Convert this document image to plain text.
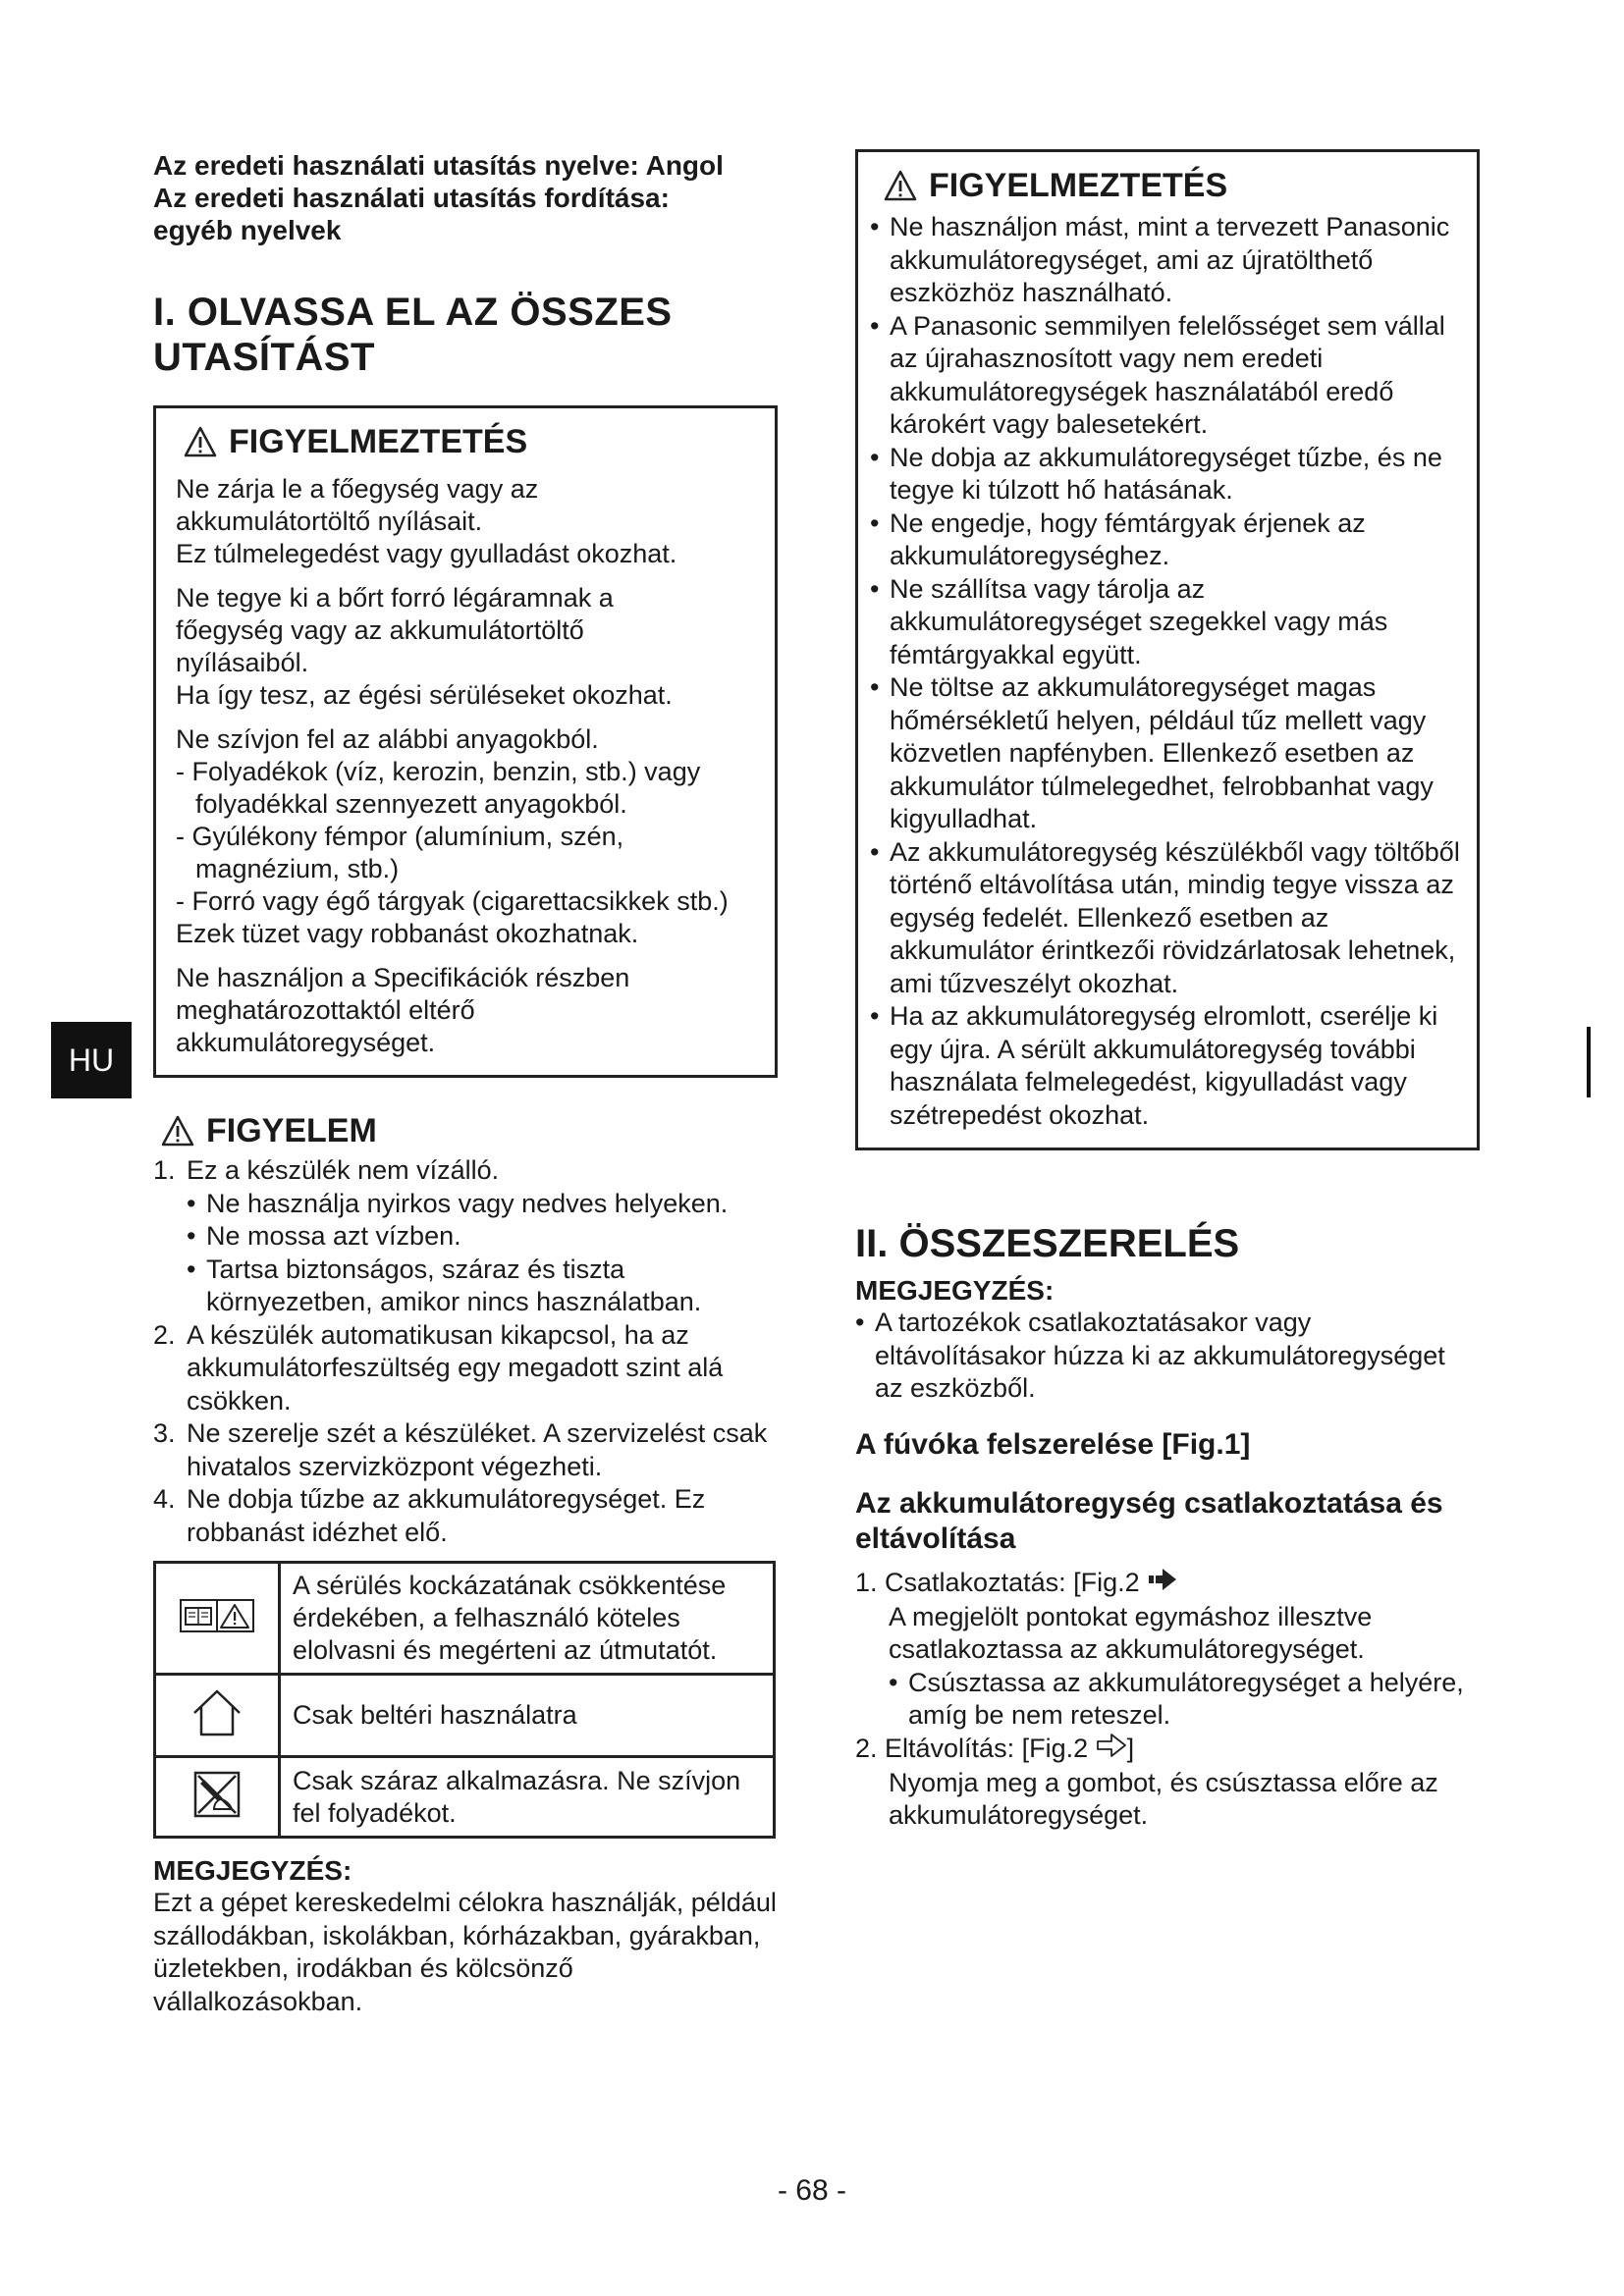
HU
Az eredeti használati utasítás nyelve: Angol
Az eredeti használati utasítás fordítása:
egyéb nyelvek
I. OLVASSA EL AZ ÖSSZES
UTASÍTÁST
FIGYELMEZTETÉS
Ne zárja le a főegység vagy az
akkumulátortöltő nyílásait.
Ez túlmelegedést vagy gyulladást okozhat.
Ne tegye ki a bőrt forró légáramnak a
főegység vagy az akkumulátortöltő
nyílásaiból.
Ha így tesz, az égési sérüléseket okozhat.
Ne szívjon fel az alábbi anyagokból.
- Folyadékok (víz, kerozin, benzin, stb.) vagy folyadékkal szennyezett anyagokból.
- Gyúlékony fémpor (alumínium, szén, magnézium, stb.)
- Forró vagy égő tárgyak (cigarettacsikkek stb.)
Ezek tüzet vagy robbanást okozhatnak.
Ne használjon a Specifikációk részben
meghatározottaktól eltérő
akkumulátoregységet.
FIGYELEM
1. Ez a készülék nem vízálló.
• Ne használja nyirkos vagy nedves helyeken.
• Ne mossa azt vízben.
• Tartsa biztonságos, száraz és tiszta környezetben, amikor nincs használatban.
2. A készülék automatikusan kikapcsol, ha az akkumulátorfeszültség egy megadott szint alá csökken.
3. Ne szerelje szét a készüléket. A szervizelést csak hivatalos szervizközpont végezheti.
4. Ne dobja tűzbe az akkumulátoregységet. Ez robbanást idézhet elő.
	A sérülés kockázatának csökkentése érdekében, a felhasználó köteles elolvasni és megérteni az útmutatót.
	Csak beltéri használatra
	Csak száraz alkalmazásra. Ne szívjon fel folyadékot.
MEGJEGYZÉS:
Ezt a gépet kereskedelmi célokra használják, például szállodákban, iskolákban, kórházakban, gyárakban, üzletekben, irodákban és kölcsönző vállalkozásokban.
FIGYELMEZTETÉS
• Ne használjon mást, mint a tervezett Panasonic akkumulátoregységet, ami az újratölthető eszközhöz használható.
• A Panasonic semmilyen felelősséget sem vállal az újrahasznosított vagy nem eredeti akkumulátoregységek használatából eredő károkért vagy balesetekért.
• Ne dobja az akkumulátoregységet tűzbe, és ne tegye ki túlzott hő hatásának.
• Ne engedje, hogy fémtárgyak érjenek az akkumulátoregységhez.
• Ne szállítsa vagy tárolja az akkumulátoregységet szegekkel vagy más fémtárgyakkal együtt.
• Ne töltse az akkumulátoregységet magas hőmérsékletű helyen, például tűz mellett vagy közvetlen napfényben. Ellenkező esetben az akkumulátor túlmelegedhet, felrobbanhat vagy kigyulladhat.
• Az akkumulátoregység készülékből vagy töltőből történő eltávolítása után, mindig tegye vissza az egység fedelét. Ellenkező esetben az akkumulátor érintkezői rövidzárlatosak lehetnek, ami tűzveszélyt okozhat.
• Ha az akkumulátoregység elromlott, cserélje ki egy újra. A sérült akkumulátoregység további használata felmelegedést, kigyulladást vagy szétrepedést okozhat.
II. ÖSSZESZERELÉS
MEGJEGYZÉS:
• A tartozékok csatlakoztatásakor vagy eltávolításakor húzza ki az akkumulátoregységet az eszközből.
A fúvóka felszerelése [Fig.1]
Az akkumulátoregység csatlakoztatása és eltávolítása
1. Csatlakoztatás: [Fig.2
A megjelölt pontokat egymáshoz illesztve csatlakoztassa az akkumulátoregységet.
• Csúsztassa az akkumulátoregységet a helyére, amíg be nem reteszel.
2. Eltávolítás: [Fig.2 ]
Nyomja meg a gombot, és csúsztassa előre az akkumulátoregységet.
- 68 -
